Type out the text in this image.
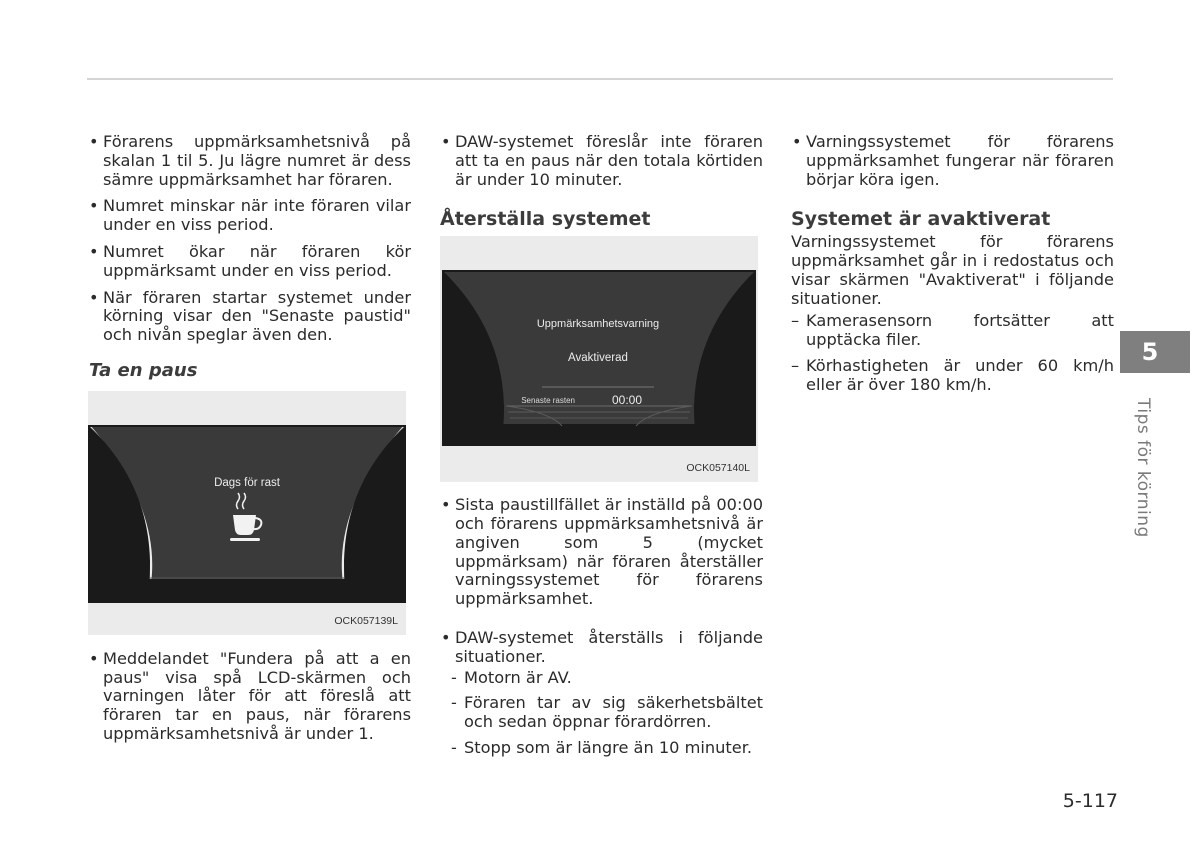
• Förarens uppmärksamhetsnivå på skalan 1 til 5. Ju lägre numret är dess sämre uppmärksamhet har föraren.
• Numret minskar när inte föraren vilar under en viss period.
• Numret ökar när föraren kör uppmärksamt under en viss period.
• När föraren startar systemet under körning visar den "Senaste paustid" och nivån speglar även den.
Ta en paus
Dags för rast
OCK057139L
• Meddelandet "Fundera på att a en paus" visa spå LCD-skärmen och varningen låter för att föreslå att föraren tar en paus, när förarens uppmärksamhetsnivå är under 1.
• DAW-systemet föreslår inte föraren att ta en paus när den totala körtiden är under 10 minuter.
Återställa systemet
Uppmärksamhetsvarning
Avaktiverad
Senaste rasten	00:00
OCK057140L
• Sista paustillfället är inställd på 00:00 och förarens uppmärksamhetsnivå är angiven som 5 (mycket uppmärksam) när föraren återställer varningssystemet för förarens uppmärksamhet.
• DAW-systemet återställs i följande situationer.
- Motorn är AV.
- Föraren tar av sig säkerhetsbältet och sedan öppnar förardörren.
- Stopp som är längre än 10 minuter.
• Varningssystemet för förarens uppmärksamhet fungerar när föraren börjar köra igen.
Systemet är avaktiverat
Varningssystemet för förarens uppmärksamhet går in i redostatus och visar skärmen "Avaktiverat" i följande situationer.
– Kamerasensorn fortsätter att upptäcka filer.
– Körhastigheten är under 60 km/h eller är över 180 km/h.
5
Tips för körning
5-117
